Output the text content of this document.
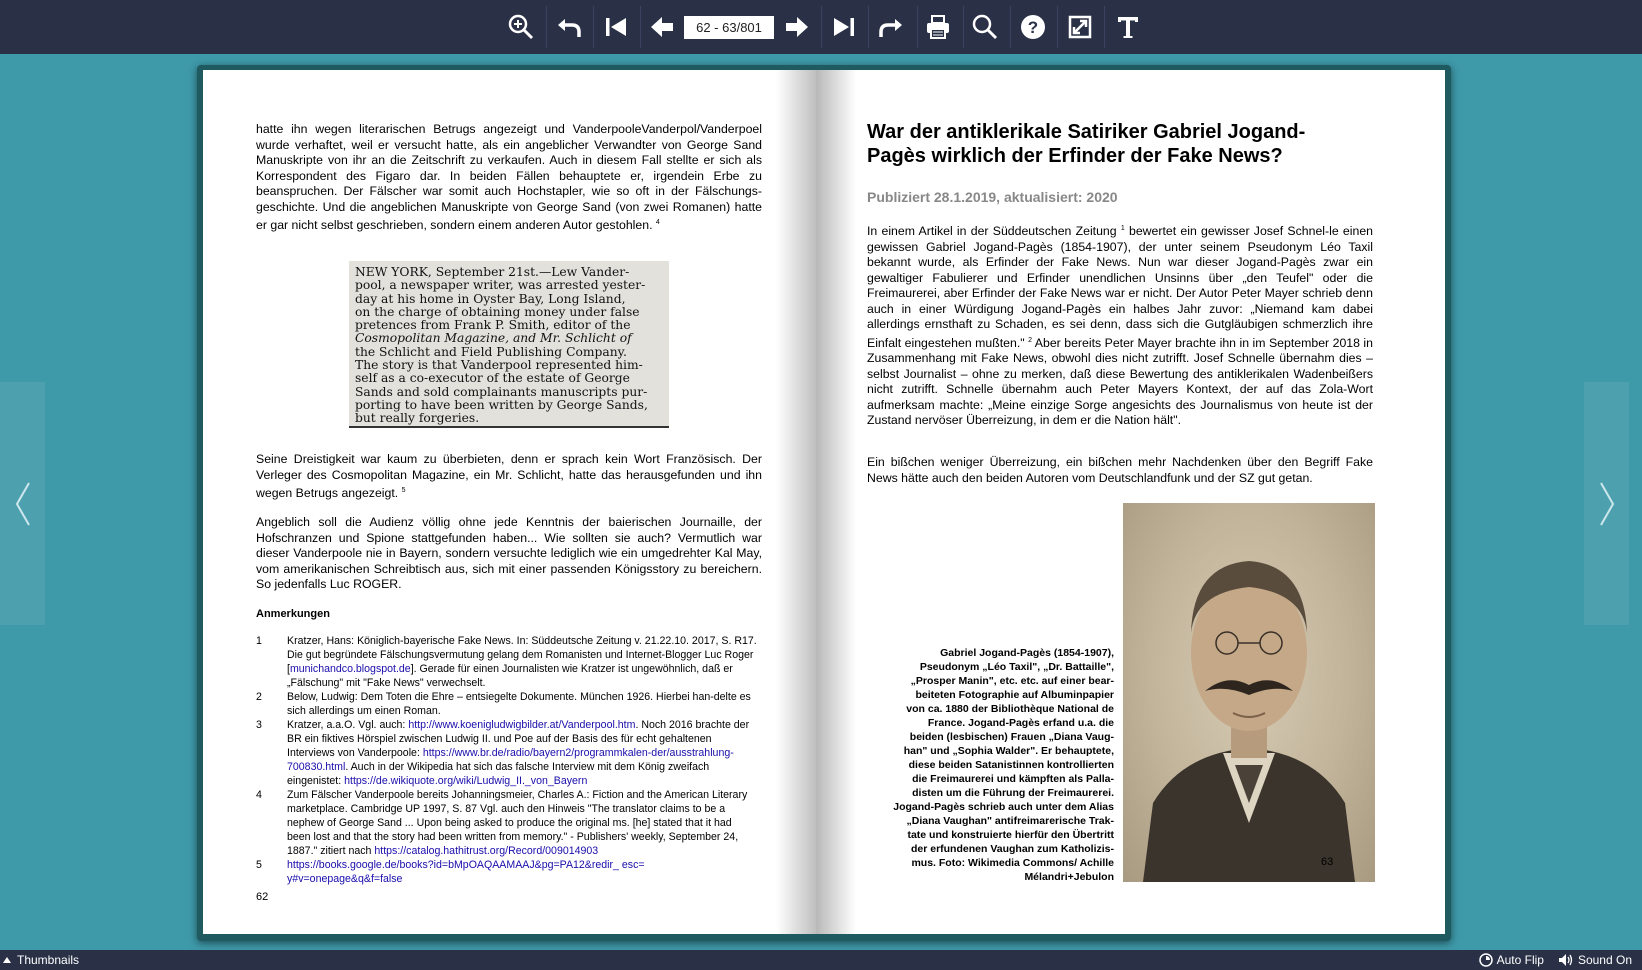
62 - 63/801	?
hatte ihn wegen literarischen Betrugs angezeigt und VanderpooleVanderpol/Vanderpoel wurde verhaftet, weil er versucht hatte, als ein angeblicher Verwandter von George Sand Manuskripte von ihr an die Zeitschrift zu verkaufen. Auch in diesem Fall stellte er sich als Korrespondent des Figaro dar. In beiden Fällen behauptete er, irgendein Erbe zu beanspruchen. Der Fälscher war somit auch Hochstapler, wie so oft in der Fälschungs-geschichte. Und die angeblichen Manuskripte von George Sand (von zwei Romanen) hatte er gar nicht selbst geschrieben, sondern einem anderen Autor gestohlen. $^4$
NEW YORK, September 21st.—Lew Vander-
pool, a newspaper writer, was arrested yester-
day at his home in Oyster Bay, Long Island,
on the charge of obtaining money under false
pretences from Frank P. Smith, editor of the
Cosmopolitan Magazine, and Mr. Schlicht of
the Schlicht and Field Publishing Company.
The story is that Vanderpool represented him-
self as a co-executor of the estate of George
Sands and sold complainants manuscripts pur-
porting to have been written by George Sands,
but really forgeries.
Seine Dreistigkeit war kaum zu überbieten, denn er sprach kein Wort Französisch. Der Verleger des Cosmopolitan Magazine, ein Mr. Schlicht, hatte das herausgefunden und ihn wegen Betrugs angezeigt. $^5$
Angeblich soll die Audienz völlig ohne jede Kenntnis der baierischen Journaille, der Hofschranzen und Spione stattgefunden haben... Wie sollten sie auch? Vermutlich war dieser Vanderpoole nie in Bayern, sondern versuchte lediglich wie ein umgedrehter Kal May, vom amerikanischen Schreibtisch aus, sich mit einer passenden Königsstory zu bereichern. So jedenfalls Luc ROGER.
Anmerkungen
1 Kratzer, Hans: Königlich-bayerische Fake News. In: Süddeutsche Zeitung v. 21.22.10. 2017, S. R17. Die gut begründete Fälschungsvermutung gelang dem Romanisten und Internet-Blogger Luc Roger [munichandco.blogspot.de]. Gerade für einen Journalisten wie Kratzer ist ungewöhnlich, daß er „Fälschung" mit "Fake News" verwechselt.
2 Below, Ludwig: Dem Toten die Ehre – entsiegelte Dokumente. München 1926. Hierbei han-delte es sich allerdings um einen Roman.
3 Kratzer, a.a.O. Vgl. auch: http://www.koenigludwigbilder.at/Vanderpool.htm. Noch 2016 brachte der BR ein fiktives Hörspiel zwischen Ludwig II. und Poe auf der Basis des für echt gehaltenen Interviews von Vanderpoole: https://www.br.de/radio/bayern2/programmkalen-der/ausstrahlung-700830.html. Auch in der Wikipedia hat sich das falsche Interview mit dem König zweifach eingenistet: https://de.wikiquote.org/wiki/Ludwig_II._von_Bayern
4 Zum Fälscher Vanderpoole bereits Johanningsmeier, Charles A.: Fiction and the American Literary marketplace. Cambridge UP 1997, S. 87 Vgl. auch den Hinweis "The translator claims to be a nephew of George Sand ... Upon being asked to produce the original ms. [he] stated that it had been lost and that the story had been written from memory." - Publishers' weekly, September 24, 1887." zitiert nach https://catalog.hathitrust.org/Record/009014903
5 https://books.google.de/books?id=bMpOAQAAMAAJ&pg=PA12&redir_ esc=y#v=onepage&q&f=false
62
War der antiklerikale Satiriker Gabriel Jogand-Pagès wirklich der Erfinder der Fake News?
Publiziert 28.1.2019, aktualisiert: 2020
In einem Artikel in der Süddeutschen Zeitung $^1$ bewertet ein gewisser Josef Schnel-le einen gewissen Gabriel Jogand-Pagès (1854-1907), der unter seinem Pseudonym Léo Taxil bekannt wurde, als Erfinder der Fake News. Nun war dieser Jogand-Pagès zwar ein gewaltiger Fabulierer und Erfinder unendlichen Unsinns über „den Teufel" oder die Freimaurerei, aber Erfinder der Fake News war er nicht. Der Autor Peter Mayer schrieb denn auch in einer Würdigung Jogand-Pagès ein halbes Jahr zuvor: „Niemand kam dabei allerdings ernsthaft zu Schaden, es sei denn, dass sich die Gutgläubigen schmerzlich ihre Einfalt eingestehen mußten." $^2$ Aber bereits Peter Mayer brachte ihn in im September 2018 in Zusammenhang mit Fake News, obwohl dies nicht zutrifft. Josef Schnelle übernahm dies – selbst Journalist – ohne zu merken, daß diese Bewertung des antiklerikalen Wadenbeißers nicht zutrifft. Schnelle übernahm auch Peter Mayers Kontext, der auf das Zola-Wort aufmerksam machte: „Meine einzige Sorge angesichts des Journalismus von heute ist der Zustand nervöser Überreizung, in dem er die Nation hält".
Ein bißchen weniger Überreizung, ein bißchen mehr Nachdenken über den Begriff Fake News hätte auch den beiden Autoren vom Deutschlandfunk und der SZ gut getan.
Gabriel Jogand-Pagès (1854-1907),
Pseudonym „Léo Taxil", „Dr. Battaille",
„Prosper Manin", etc. etc. auf einer bear-
beiteten Fotographie auf Albuminpapier
von ca. 1880 der Bibliothèque National de
France. Jogand-Pagès erfand u.a. die
beiden (lesbischen) Frauen „Diana Vaug-
han" und „Sophia Walder". Er behauptete,
diese beiden Satanistinnen kontrollierten
die Freimaurerei und kämpften als Palla-
disten um die Führung der Freimaurerei.
Jogand-Pagès schrieb auch unter dem Alias
„Diana Vaughan" antifreimarerische Trak-
tate und konstruierte hierfür den Übertritt
der erfundenen Vaughan zum Katholizis-
mus. Foto: Wikimedia Commons/ Achille
Mélandri+Jebulon
63
Thumbnails	Auto Flip	Sound On
